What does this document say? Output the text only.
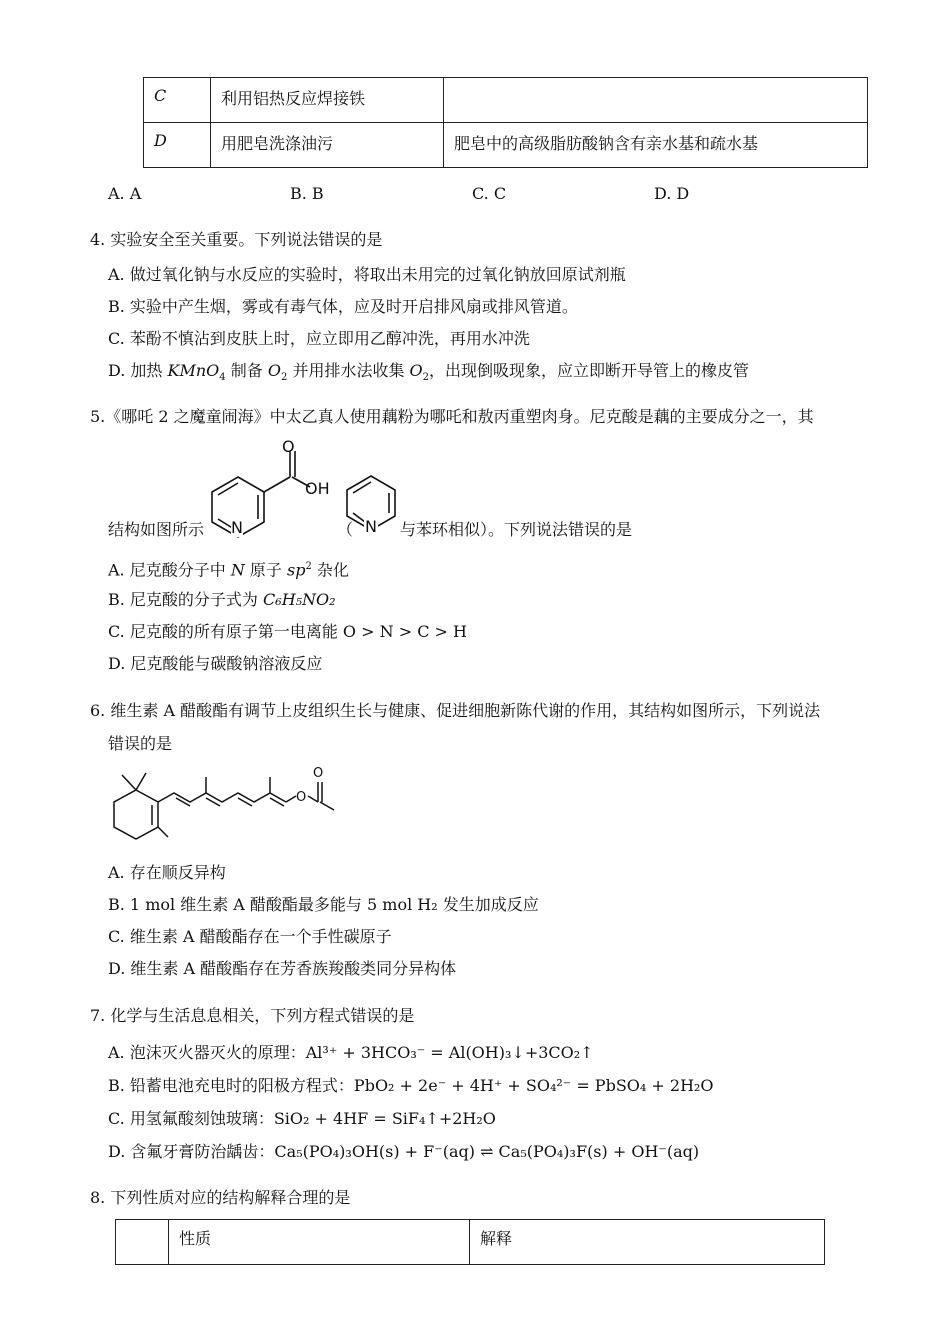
C	利用铝热反应焊接铁	
D	用肥皂洗涤油污	肥皂中的高级脂肪酸钠含有亲水基和疏水基
A. A	B. B	C. C	D. D
4. 实验安全至关重要。下列说法错误的是
A. 做过氧化钠与水反应的实验时，将取出未用完的过氧化钠放回原试剂瓶
B. 实验中产生烟，雾或有毒气体，应及时开启排风扇或排风管道。
C. 苯酚不慎沾到皮肤上时，应立即用乙醇冲洗，再用水冲洗
D. 加热 KMnO$_4$ 制备 $O_2$ 并用排水法收集 $O_2$，出现倒吸现象，应立即断开导管上的橡皮管
5.《哪吒 2 之魔童闹海》中太乙真人使用藕粉为哪吒和敖丙重塑肉身。尼克酸是藕的主要成分之一，其
结构如图所示
O
OH
N	（ N 与苯环相似）。下列说法错误的是
A. 尼克酸分子中 N 原子 $sp^2$ 杂化
B. 尼克酸的分子式为 C₆H₅NO₂
C. 尼克酸的所有原子第一电离能 O > N > C > H
D. 尼克酸能与碳酸钠溶液反应
6. 维生素 A 醋酸酯有调节上皮组织生长与健康、促进细胞新陈代谢的作用，其结构如图所示，下列说法
错误的是
O
O
A. 存在顺反异构
B. 1 mol 维生素 A 醋酸酯最多能与 5 mol H₂ 发生加成反应
C. 维生素 A 醋酸酯存在一个手性碳原子
D. 维生素 A 醋酸酯存在芳香族羧酸类同分异构体
7. 化学与生活息息相关，下列方程式错误的是
A. 泡沫灭火器灭火的原理：Al³⁺ + 3HCO₃⁻ = Al(OH)₃↓+3CO₂↑
B. 铅蓄电池充电时的阳极方程式：PbO₂ + 2e⁻ + 4H⁺ + SO₄²⁻ = PbSO₄ + 2H₂O
C. 用氢氟酸刻蚀玻璃：SiO₂ + 4HF = SiF₄↑+2H₂O
D. 含氟牙膏防治龋齿：Ca₅(PO₄)₃OH(s) + F⁻(aq) ⇌ Ca₅(PO₄)₃F(s) + OH⁻(aq)
8. 下列性质对应的结构解释合理的是
	性质	解释
